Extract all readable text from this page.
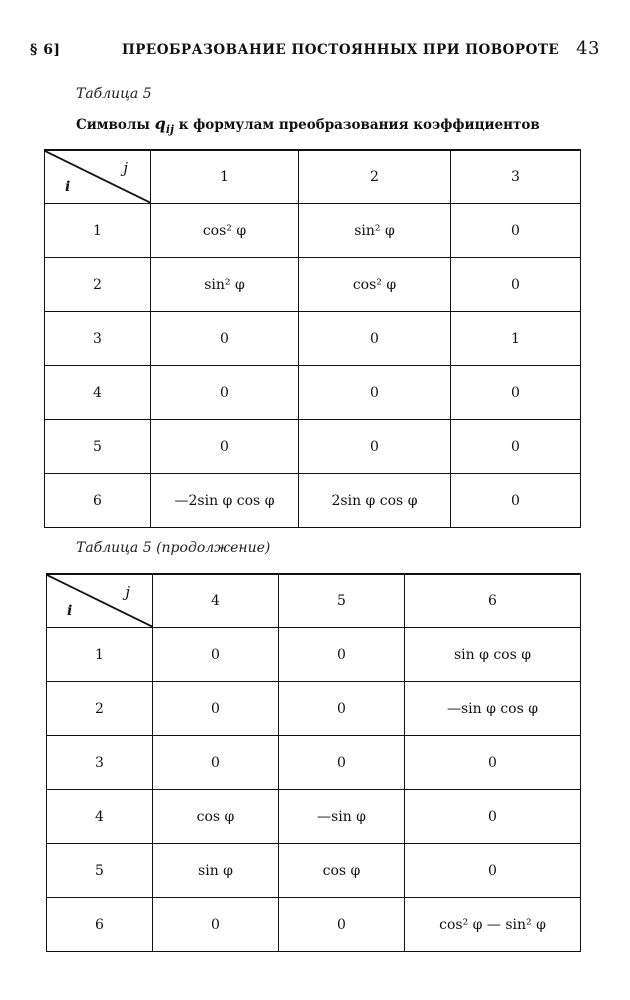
§ 6]	ПРЕОБРАЗОВАНИЕ ПОСТОЯННЫХ ПРИ ПОВОРОТЕ 43
Таблица 5
Символы $q_{ij}$ к формулам преобразования коэффициентов
j
i	1	2	3
1	cos² φ	sin² φ	0
2	sin² φ	cos² φ	0
3	0	0	1
4	0	0	0
5	0	0	0
6	—2sin φ cos φ	2sin φ cos φ	0
Таблица 5 (продолжение)
j
i	4	5	6
1	0	0	sin φ cos φ
2	0	0	—sin φ cos φ
3	0	0	0
4	cos φ	—sin φ	0
5	sin φ	cos φ	0
6	0	0	cos² φ — sin² φ
